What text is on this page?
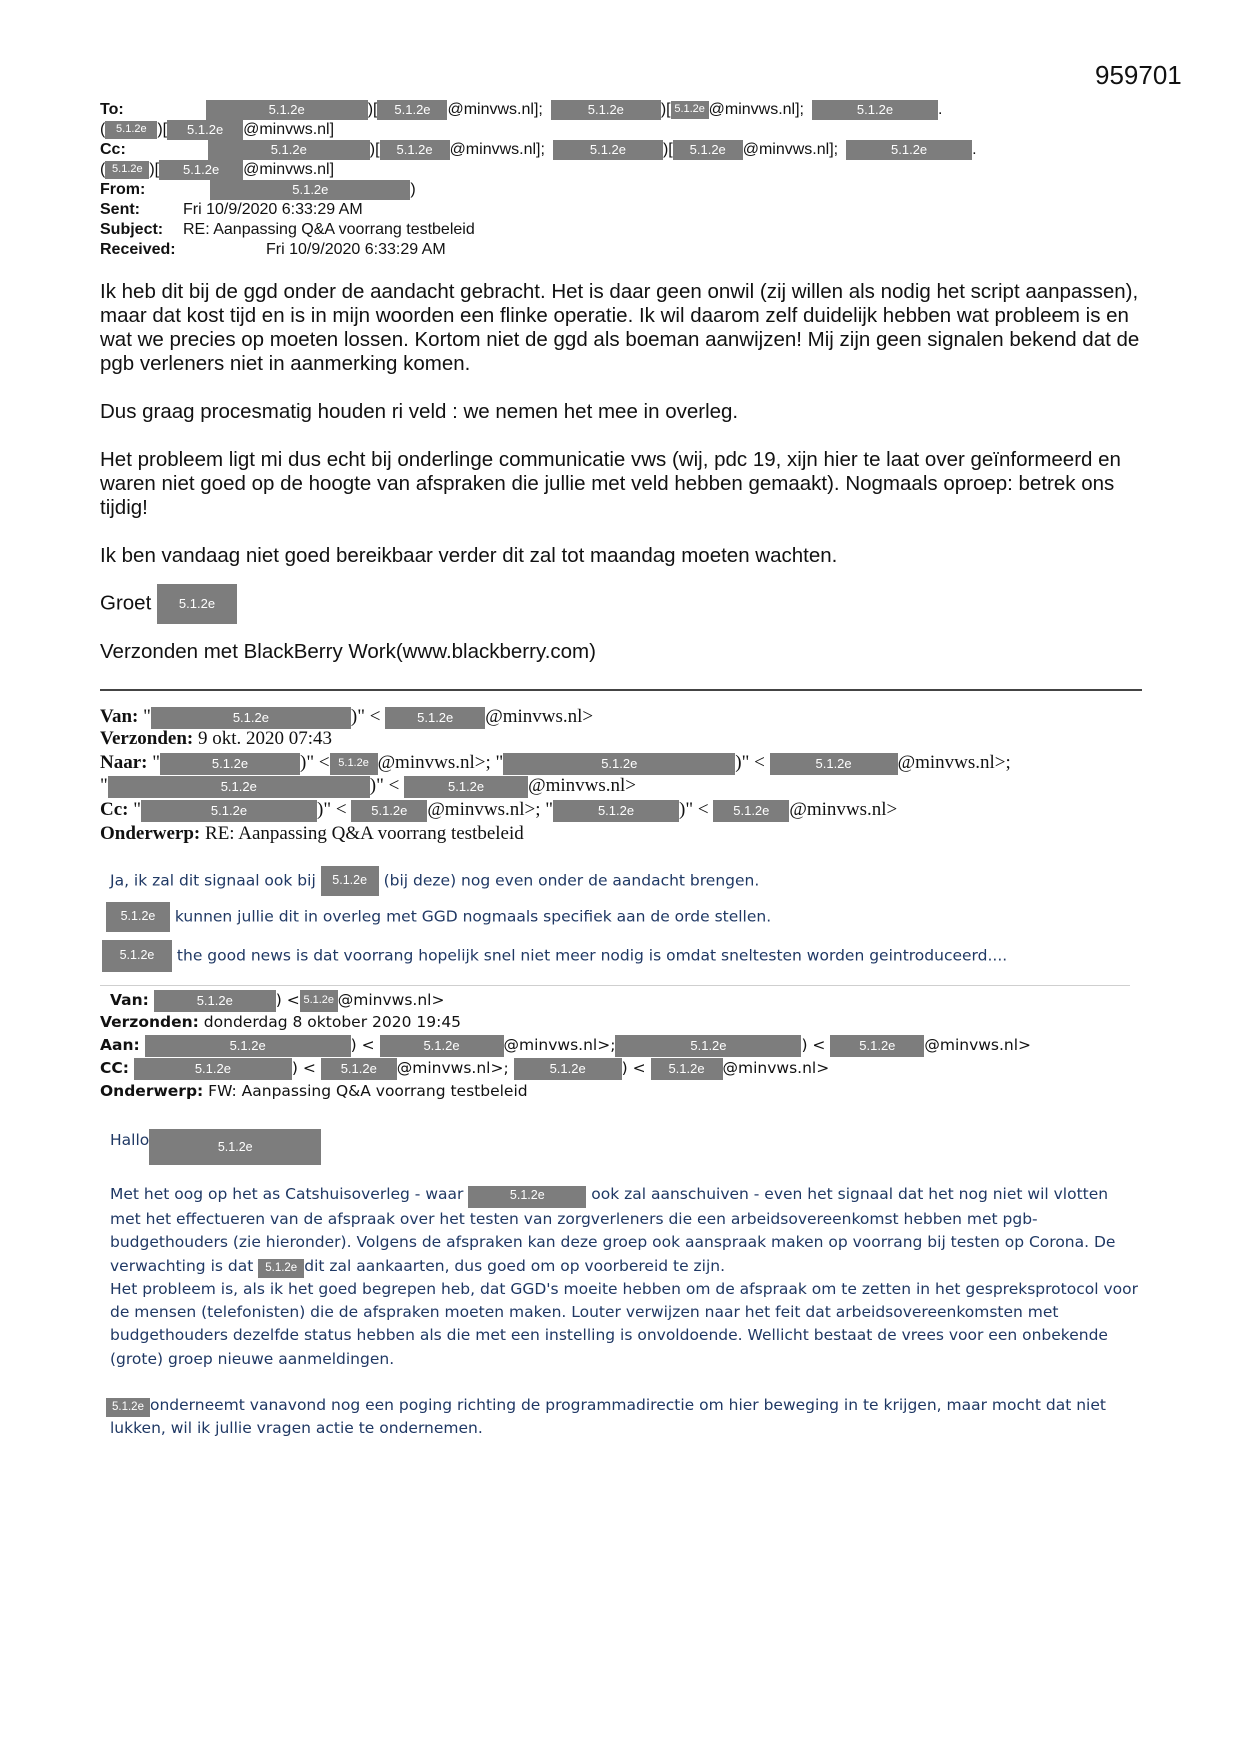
959701
To:	5.1.2e	)[ 5.1.2e @minvws.nl];	5.1.2e )[ 5.1.2e @minvws.nl];	5.1.2e	.
( 5.1.2e )[ 5.1.2e @minvws.nl]
Cc:	5.1.2e	)[ 5.1.2e @minvws.nl];	5.1.2e )[ 5.1.2e @minvws.nl];	5.1.2e	.
( 5.1.2e )[ 5.1.2e @minvws.nl]
From:	5.1.2e	)
Sent:	Fri 10/9/2020 6:33:29 AM
Subject: RE: Aanpassing Q&A voorrang testbeleid
Received:	Fri 10/9/2020 6:33:29 AM

Ik heb dit bij de ggd onder de aandacht gebracht. Het is daar geen onwil (zij willen als nodig het script aanpassen), maar dat kost tijd en is in mijn woorden een flinke operatie. Ik wil daarom zelf duidelijk hebben wat probleem is en wat we precies op moeten lossen. Kortom niet de ggd als boeman aanwijzen! Mij zijn geen signalen bekend dat de pgb verleners niet in aanmerking komen.

Dus graag procesmatig houden ri veld : we nemen het mee in overleg.

Het probleem ligt mi dus echt bij onderlinge communicatie vws (wij, pdc 19, xijn hier te laat over geïnformeerd en waren niet goed op de hoogte van afspraken die jullie met veld hebben gemaakt). Nogmaals oproep: betrek ons tijdig!

Ik ben vandaag niet goed bereikbaar verder dit zal tot maandag moeten wachten.

Groet 5.1.2e

Verzonden met BlackBerry Work(www.blackberry.com)

Van: "	5.1.2e	)" < 5.1.2e @minvws.nl>
Verzonden: 9 okt. 2020 07:43
Naar: "	5.1.2e	)" < 5.1.2e @minvws.nl>; "	5.1.2e	)" <	5.1.2e @minvws.nl>;
"	5.1.2e	)" <	5.1.2e @minvws.nl>
Cc: "	5.1.2e	)" < 5.1.2e @minvws.nl>; "	5.1.2e )" < 5.1.2e @minvws.nl>
Onderwerp: RE: Aanpassing Q&A voorrang testbeleid
Ja, ik zal dit signaal ook bij 5.1.2e (bij deze) nog even onder de aandacht brengen.
5.1.2e kunnen jullie dit in overleg met GGD nogmaals specifiek aan de orde stellen.
5.1.2e the good news is dat voorrang hopelijk snel niet meer nodig is omdat sneltesten worden geintroduceerd....
Van:	5.1.2e	) < 5.1.2e @minvws.nl>
Verzonden: donderdag 8 oktober 2020 19:45
Aan:	5.1.2e	) <	5.1.2e	@minvws.nl>;	5.1.2e	) < 5.1.2e @minvws.nl>
CC:	5.1.2e	) < 5.1.2e @minvws.nl>;	5.1.2e ) < 5.1.2e @minvws.nl>
Onderwerp: FW: Aanpassing Q&A voorrang testbeleid
Hallo	5.1.2e

Met het oog op het as Catshuisoverleg - waar	5.1.2e	ook zal aanschuiven - even het signaal dat het nog niet wil vlotten met het effectueren van de afspraak over het testen van zorgverleners die een arbeidsovereenkomst hebben met pgb-budgethouders (zie hieronder). Volgens de afspraken kan deze groep ook aanspraak maken op voorrang bij testen op Corona. De verwachting is dat 5.1.2e dit zal aankaarten, dus goed om op voorbereid te zijn.
Het probleem is, als ik het goed begrepen heb, dat GGD's moeite hebben om de afspraak om te zetten in het gespreksprotocol voor de mensen (telefonisten) die de afspraken moeten maken. Louter verwijzen naar het feit dat arbeidsovereenkomsten met budgethouders dezelfde status hebben als die met een instelling is onvoldoende. Wellicht bestaat de vrees voor een onbekende (grote) groep nieuwe aanmeldingen.

5.1.2e onderneemt vanavond nog een poging richting de programmadirectie om hier beweging in te krijgen, maar mocht dat niet lukken, wil ik jullie vragen actie te ondernemen.
